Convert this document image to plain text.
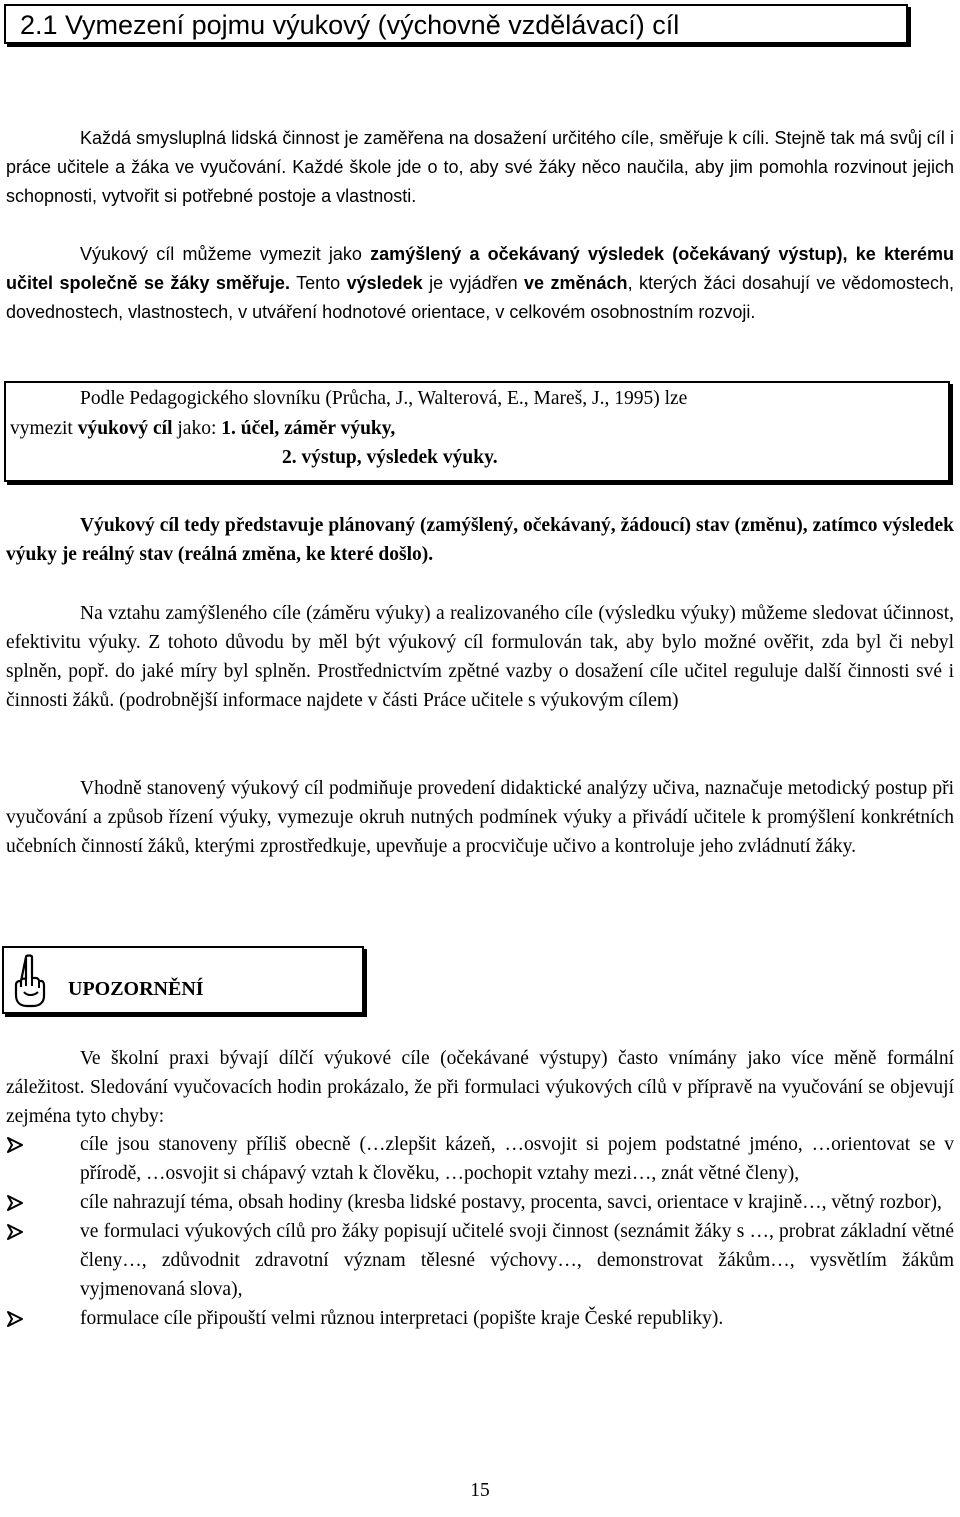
2.1 Vymezení pojmu výukový (výchovně vzdělávací) cíl

Každá smysluplná lidská činnost je zaměřena na dosažení určitého cíle, směřuje k cíli. Stejně tak má svůj cíl i práce učitele a žáka ve vyučování. Každé škole jde o to, aby své žáky něco naučila, aby jim pomohla rozvinout jejich schopnosti, vytvořit si potřebné postoje a vlastnosti.

Výukový cíl můžeme vymezit jako zamýšlený a očekávaný výsledek (očekávaný výstup), ke kterému učitel společně se žáky směřuje. Tento výsledek je vyjádřen ve změnách, kterých žáci dosahují ve vědomostech, dovednostech, vlastnostech, v utváření hodnotové orientace, v celkovém osobnostním rozvoji.

Podle Pedagogického slovníku (Průcha, J., Walterová, E., Mareš, J., 1995) lze
vymezit výukový cíl jako: 1. účel, záměr výuky,
2. výstup, výsledek výuky.

Výukový cíl tedy představuje plánovaný (zamýšlený, očekávaný, žádoucí) stav (změnu), zatímco výsledek výuky je reálný stav (reálná změna, ke které došlo).

Na vztahu zamýšleného cíle (záměru výuky) a realizovaného cíle (výsledku výuky) můžeme sledovat účinnost, efektivitu výuky. Z tohoto důvodu by měl být výukový cíl formulován tak, aby bylo možné ověřit, zda byl či nebyl splněn, popř. do jaké míry byl splněn. Prostřednictvím zpětné vazby o dosažení cíle učitel reguluje další činnosti své i činnosti žáků. (podrobnější informace najdete v části Práce učitele s výukovým cílem)

Vhodně stanovený výukový cíl podmiňuje provedení didaktické analýzy učiva, naznačuje metodický postup při vyučování a způsob řízení výuky, vymezuje okruh nutných podmínek výuky a přivádí učitele k promýšlení konkrétních učebních činností žáků, kterými zprostředkuje, upevňuje a procvičuje učivo a kontroluje jeho zvládnutí žáky.

UPOZORNĚNÍ

Ve školní praxi bývají dílčí výukové cíle (očekávané výstupy) často vnímány jako více měně formální záležitost. Sledování vyučovacích hodin prokázalo, že při formulaci výukových cílů v přípravě na vyučování se objevují zejména tyto chyby:

cíle jsou stanoveny příliš obecně (…zlepšit kázeň, …osvojit si pojem podstatné jméno, …orientovat se v přírodě, …osvojit si chápavý vztah k člověku, …pochopit vztahy mezi…, znát větné členy),
cíle nahrazují téma, obsah hodiny (kresba lidské postavy, procenta, savci, orientace v krajině…, větný rozbor),
ve formulaci výukových cílů pro žáky popisují učitelé svoji činnost (seznámit žáky s …, probrat základní větné členy…, zdůvodnit zdravotní význam tělesné výchovy…, demonstrovat žákům…, vysvětlím žákům vyjmenovaná slova),
formulace cíle připouští velmi různou interpretaci (popište kraje České republiky).
15
